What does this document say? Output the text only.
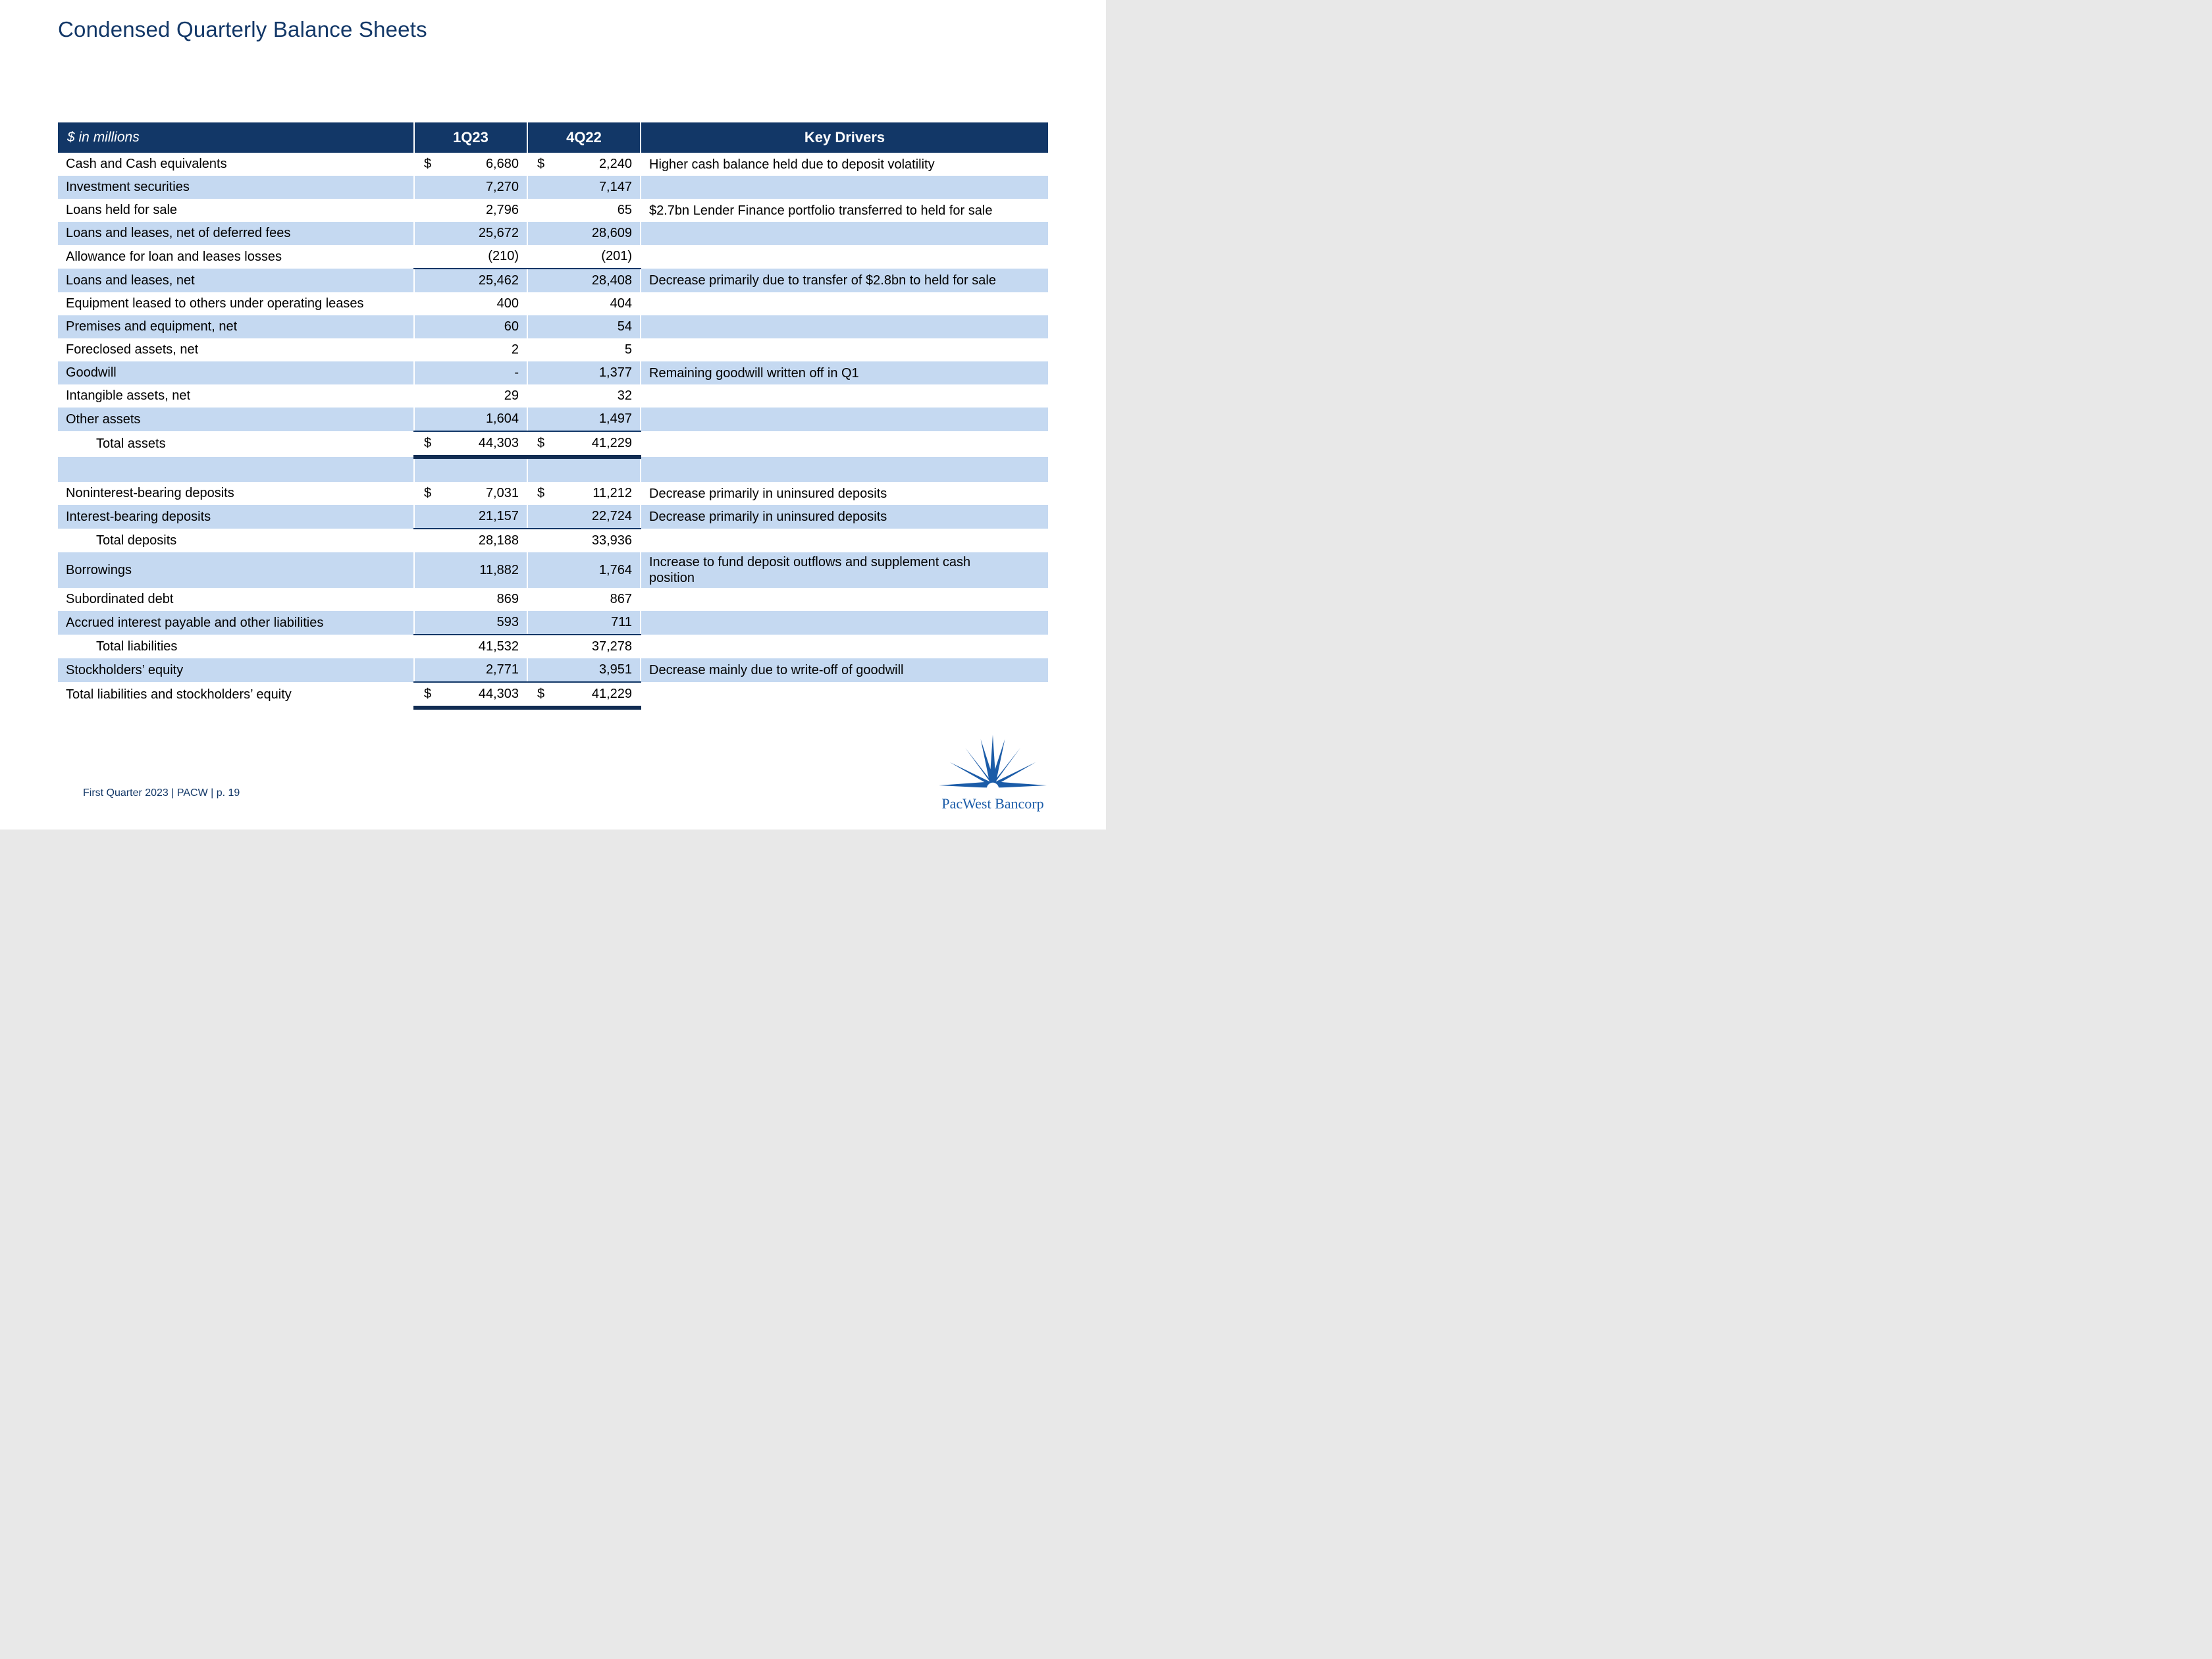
Condensed Quarterly Balance Sheets
$ in millions	1Q23	4Q22	Key Drivers
Cash and Cash equivalents	$ 6,680	$ 2,240	Higher cash balance held due to deposit volatility

Investment securities	7,270	7,147	

Loans held for sale	2,796	65	$2.7bn Lender Finance portfolio transferred to held for sale

Loans and leases, net of deferred fees	25,672	28,609	

Allowance for loan and leases losses	(210)	(201)	

Loans and leases, net	25,462	28,408	Decrease primarily due to transfer of $2.8bn to held for sale

Equipment leased to others under operating leases	400	404	

Premises and equipment, net	60	54	

Foreclosed assets, net	2	5	

Goodwill	-	1,377	Remaining goodwill written off in Q1

Intangible assets, net	29	32	

Other assets	1,604	1,497	

Total assets	$ 44,303	$ 41,229	

Noninterest-bearing deposits	$ 7,031	$ 11,212	Decrease primarily in uninsured deposits

Interest-bearing deposits	21,157	22,724	Decrease primarily in uninsured deposits

Total deposits	28,188	33,936	

Borrowings	11,882	1,764	Increase to fund deposit outflows and supplement cash position

Subordinated debt	869	867	

Accrued interest payable and other liabilities	593	711	

Total liabilities	41,532	37,278	

Stockholders’ equity	2,771	3,951	Decrease mainly due to write-off of goodwill

Total liabilities and stockholders’ equity	$ 44,303	$ 41,229	
First Quarter 2023 | PACW | p. 19
PacWest Bancorp
